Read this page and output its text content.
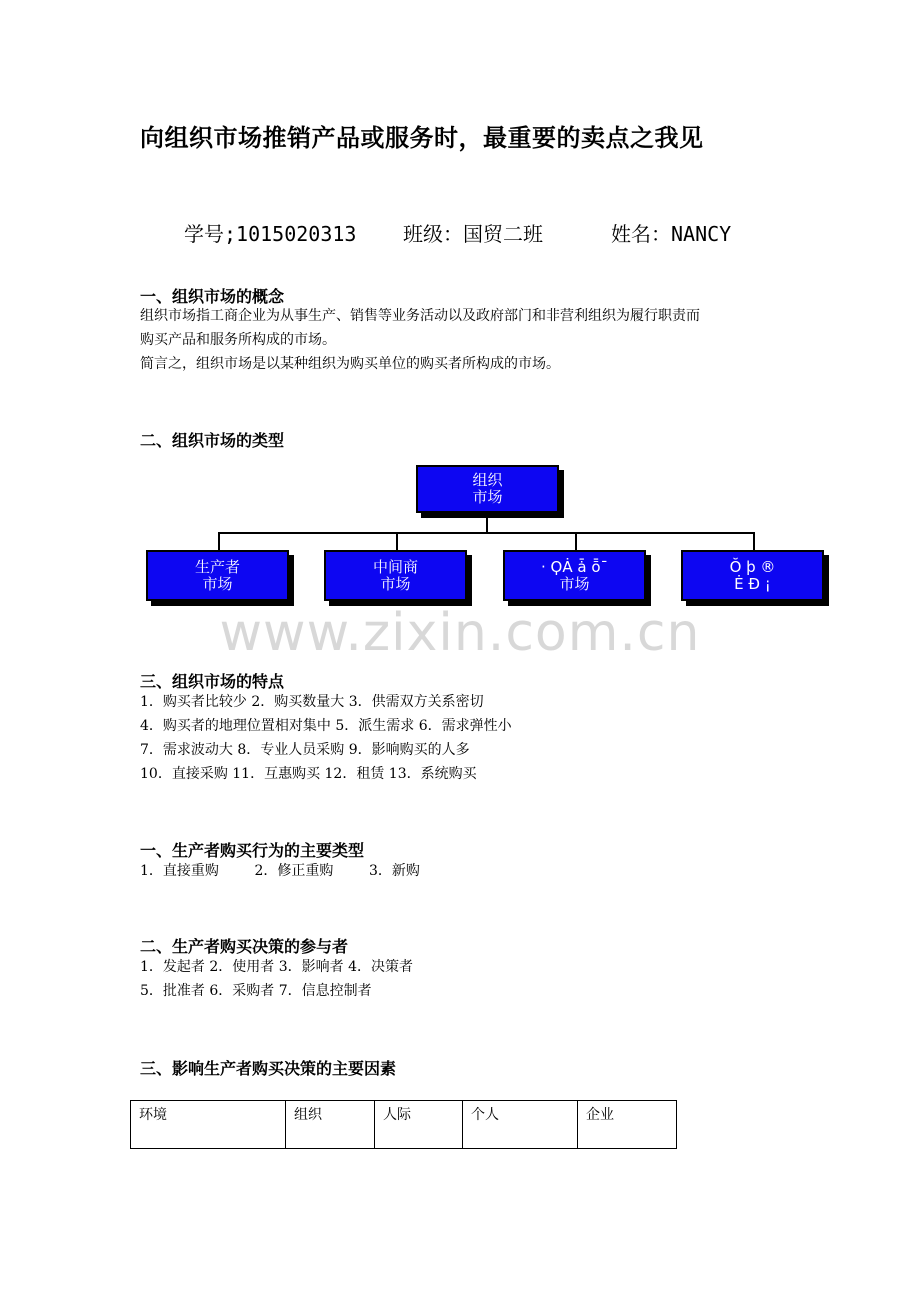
向组织市场推销产品或服务时，最重要的卖点之我见
学号;1015020313 班级：国贸二班	姓名：NANCY
一、组织市场的概念
组织市场指工商企业为从事生产、销售等业务活动以及政府部门和非营利组织为履行职责而
购买产品和服务所构成的市场。
简言之，组织市场是以某种组织为购买单位的购买者所构成的市场。
二、组织市场的类型
组织
市场
生产者
市场
中间商
市场
· ϘȦ ǡ ȭ¯
市场
Ŏ þ ®
Ė Đ ¡
www.zixin.com.cn
三、组织市场的特点
1．购买者比较少 2．购买数量大 3．供需双方关系密切
4．购买者的地理位置相对集中 5．派生需求 6．需求弹性小
7．需求波动大 8．专业人员采购 9．影响购买的人多
10．直接采购 11．互惠购买 12．租赁 13．系统购买
一、生产者购买行为的主要类型
1．直接重购        2．修正重购        3．新购
二、生产者购买决策的参与者
1．发起者 2．使用者 3．影响者 4．决策者
5．批准者 6．采购者 7．信息控制者
三、影响生产者购买决策的主要因素
环境	组织	人际	个人	企业
